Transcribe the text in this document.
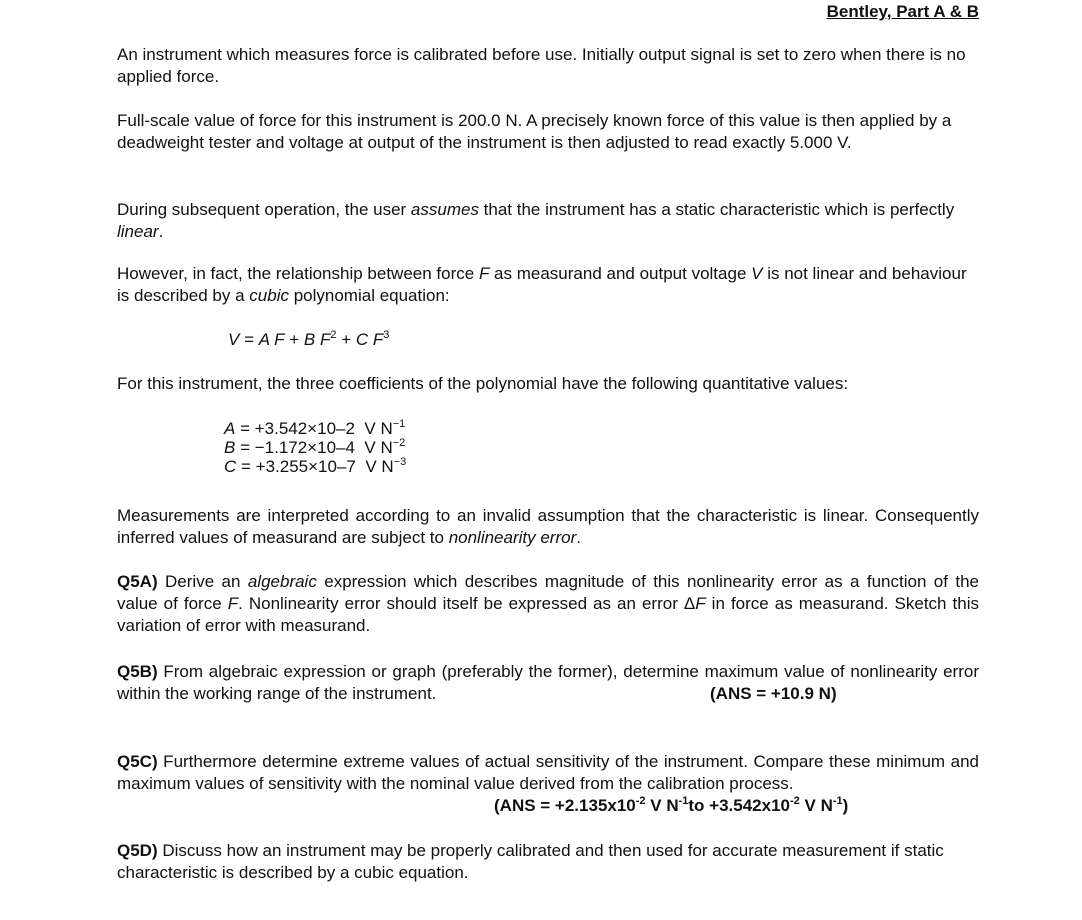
Bentley, Part A & B

An instrument which measures force is calibrated before use. Initially output signal is set to zero when there is no applied force.

Full-scale value of force for this instrument is 200.0 N. A precisely known force of this value is then applied by a deadweight tester and voltage at output of the instrument is then adjusted to read exactly 5.000 V.

During subsequent operation, the user assumes that the instrument has a static characteristic which is perfectly linear.

However, in fact, the relationship between force F as measurand and output voltage V is not linear and behaviour is described by a cubic polynomial equation:

V = A F + B $F^2 + C$ $F^3$

For this instrument, the three coefficients of the polynomial have the following quantitative values:

A = +3.542×10–2  V $N^{-1}$
B = −1.172×10–4  V $N^{-2}$
C = +3.255×10–7  V $N^{-3}$

Measurements are interpreted according to an invalid assumption that the characteristic is linear. Consequently inferred values of measurand are subject to nonlinearity error.

Q5A) Derive an algebraic expression which describes magnitude of this nonlinearity error as a function of the value of force F. Nonlinearity error should itself be expressed as an error ΔF in force as measurand. Sketch this variation of error with measurand.

Q5B) From algebraic expression or graph (preferably the former), determine maximum value of nonlinearity error within the working range of the instrument.	(ANS = +10.9 N)

Q5C) Furthermore determine extreme values of actual sensitivity of the instrument. Compare these minimum and maximum values of sensitivity with the nominal value derived from the calibration process.

($ANS = +2.135x10^{-2}$ V $N^{-1}to +3.542x10^{-2}$ V $N^{-1}$)

Q5D) Discuss how an instrument may be properly calibrated and then used for accurate measurement if static characteristic is described by a cubic equation.
